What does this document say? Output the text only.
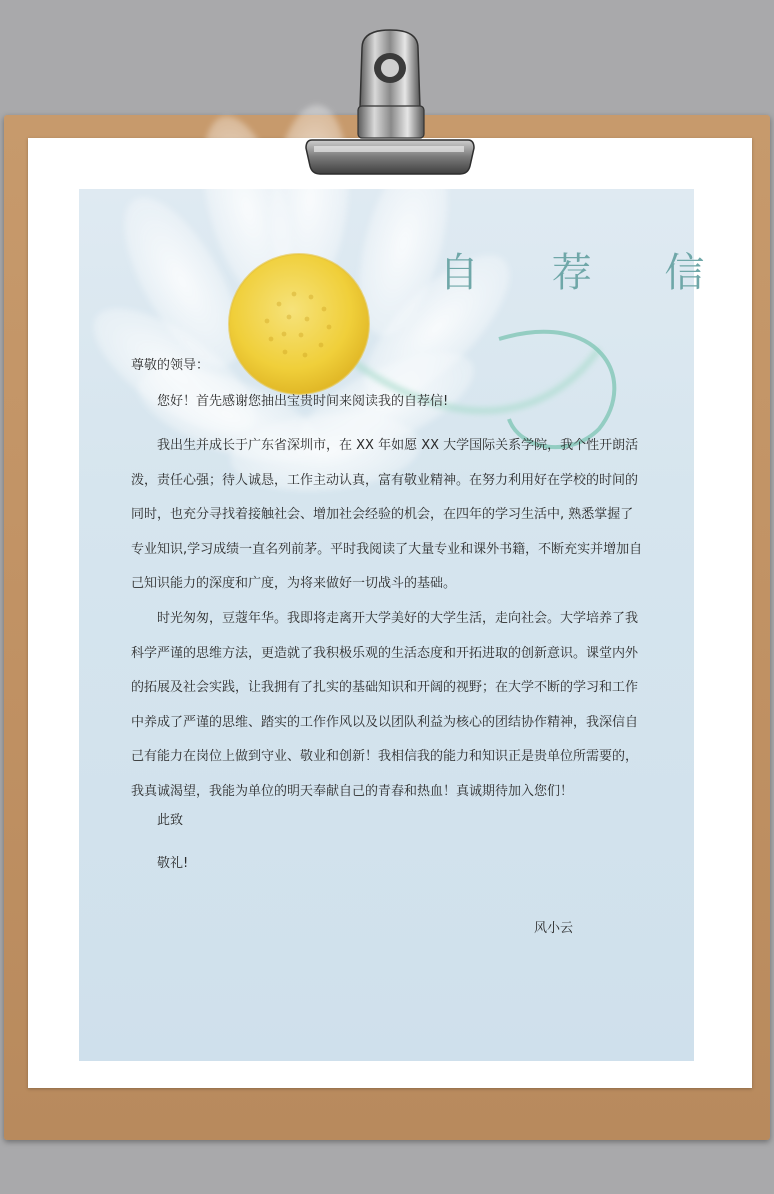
自 荐 信
尊敬的领导：
您好！首先感谢您抽出宝贵时间来阅读我的自荐信!
我出生并成长于广东省深圳市，在 XX 年如愿 XX 大学国际关系学院，我个性开朗活泼，责任心强；待人诚恳，工作主动认真，富有敬业精神。在努力利用好在学校的时间的同时，也充分寻找着接触社会、增加社会经验的机会，在四年的学习生活中, 熟悉掌握了专业知识,学习成绩一直名列前茅。平时我阅读了大量专业和课外书籍，不断充实并增加自己知识能力的深度和广度，为将来做好一切战斗的基础。
时光匆匆，豆蔻年华。我即将走离开大学美好的大学生活，走向社会。大学培养了我科学严谨的思维方法，更造就了我积极乐观的生活态度和开拓进取的创新意识。课堂内外的拓展及社会实践，让我拥有了扎实的基础知识和开阔的视野；在大学不断的学习和工作中养成了严谨的思维、踏实的工作作风以及以团队利益为核心的团结协作精神，我深信自己有能力在岗位上做到守业、敬业和创新！我相信我的能力和知识正是贵单位所需要的，我真诚渴望，我能为单位的明天奉献自己的青春和热血！真诚期待加入您们！
此致
敬礼!
风小云
